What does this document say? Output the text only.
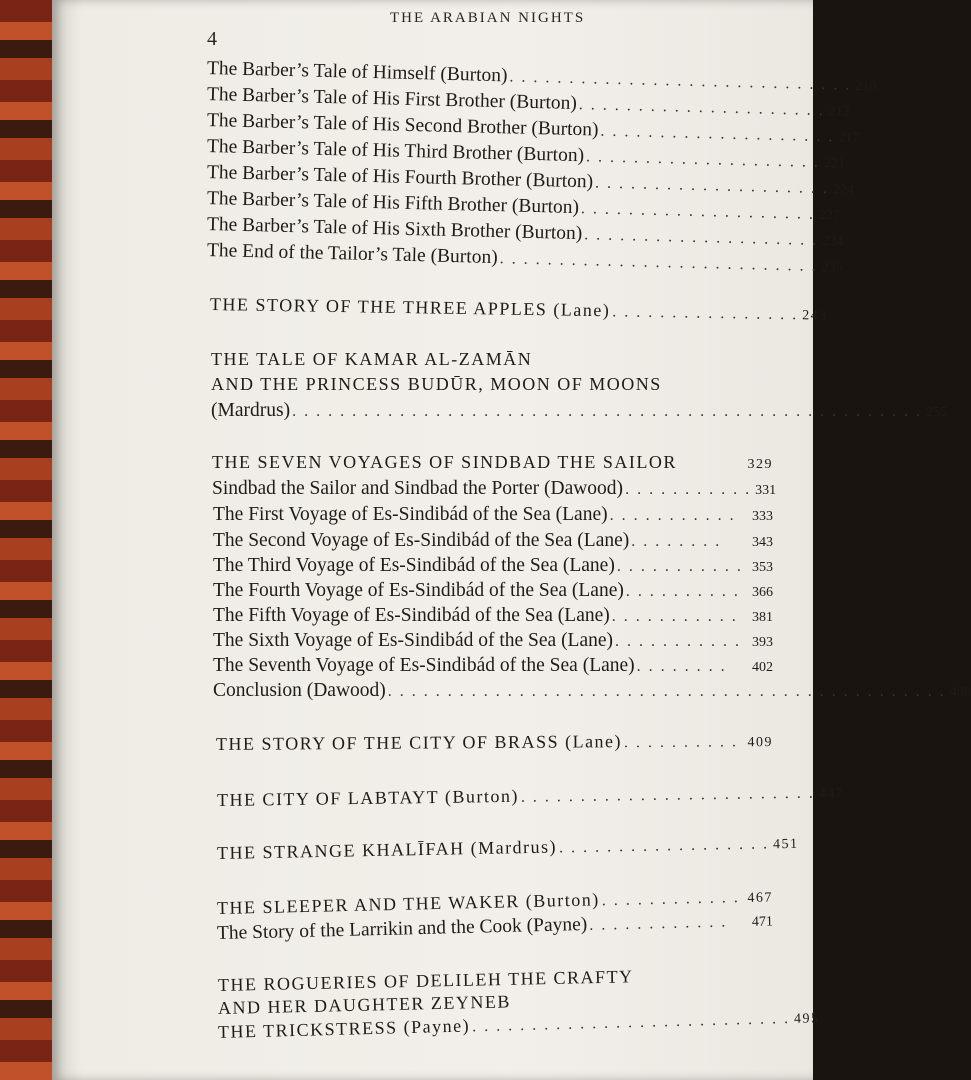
THE ARABIAN NIGHTS
4
The Barber’s Tale of Himself (Burton) . . . . . . . . . . . . . . . . . . . . . . . . . . . . . 210
The Barber’s Tale of His First Brother (Burton) . . . . . . . . . . . . . . . . . . . . . 212
The Barber’s Tale of His Second Brother (Burton) . . . . . . . . . . . . . . . . . . . . 217
The Barber’s Tale of His Third Brother (Burton) . . . . . . . . . . . . . . . . . . . . 221
The Barber’s Tale of His Fourth Brother (Burton) . . . . . . . . . . . . . . . . . . . . 224
The Barber’s Tale of His Fifth Brother (Burton) . . . . . . . . . . . . . . . . . . . . 227
The Barber’s Tale of His Sixth Brother (Burton) . . . . . . . . . . . . . . . . . . . . 234
The End of the Tailor’s Tale (Burton) . . . . . . . . . . . . . . . . . . . . . . . . . . . 239
THE STORY OF THE THREE APPLES (Lane) . . . . . . . . . . . . . . . . 243
THE TALE OF KAMAR AL-ZAMĀN
AND THE PRINCESS BUDŪR, MOON OF MOONS
(Mardrus) . . . . . . . . . . . . . . . . . . . . . . . . . . . . . . . . . . . . . . . . . . . . . . . . . . . . . 255
THE SEVEN VOYAGES OF SINDBAD THE SAILOR	329
Sindbad the Sailor and Sindbad the Porter (Dawood) . . . . . . . . . . . 331
The First Voyage of Es-Sindibád of the Sea (Lane) . . . . . . . . . . .	333
The Second Voyage of Es-Sindibád of the Sea (Lane) . . . . . . . .	343
The Third Voyage of Es-Sindibád of the Sea (Lane) . . . . . . . . . . . 353
The Fourth Voyage of Es-Sindibád of the Sea (Lane) . . . . . . . . . . 366
The Fifth Voyage of Es-Sindibád of the Sea (Lane) . . . . . . . . . . .	381
The Sixth Voyage of Es-Sindibád of the Sea (Lane) . . . . . . . . . . . 393
The Seventh Voyage of Es-Sindibád of the Sea (Lane) . . . . . . . .	402
Conclusion (Dawood) . . . . . . . . . . . . . . . . . . . . . . . . . . . . . . . . . . . . . . . . . . . . . . . 408
THE STORY OF THE CITY OF BRASS (Lane) . . . . . . . . . . 409
THE CITY OF LABTAYT (Burton) . . . . . . . . . . . . . . . . . . . . . . . . . 447
THE STRANGE KHALĪFAH (Mardrus) . . . . . . . . . . . . . . . . . . 451
THE SLEEPER AND THE WAKER (Burton) . . . . . . . . . . . . 467
The Story of the Larrikin and the Cook (Payne) . . . . . . . . . . . .	471
THE ROGUERIES OF DELILEH THE CRAFTY
AND HER DAUGHTER ZEYNEB
THE TRICKSTRESS (Payne) . . . . . . . . . . . . . . . . . . . . . . . . . . . 495
